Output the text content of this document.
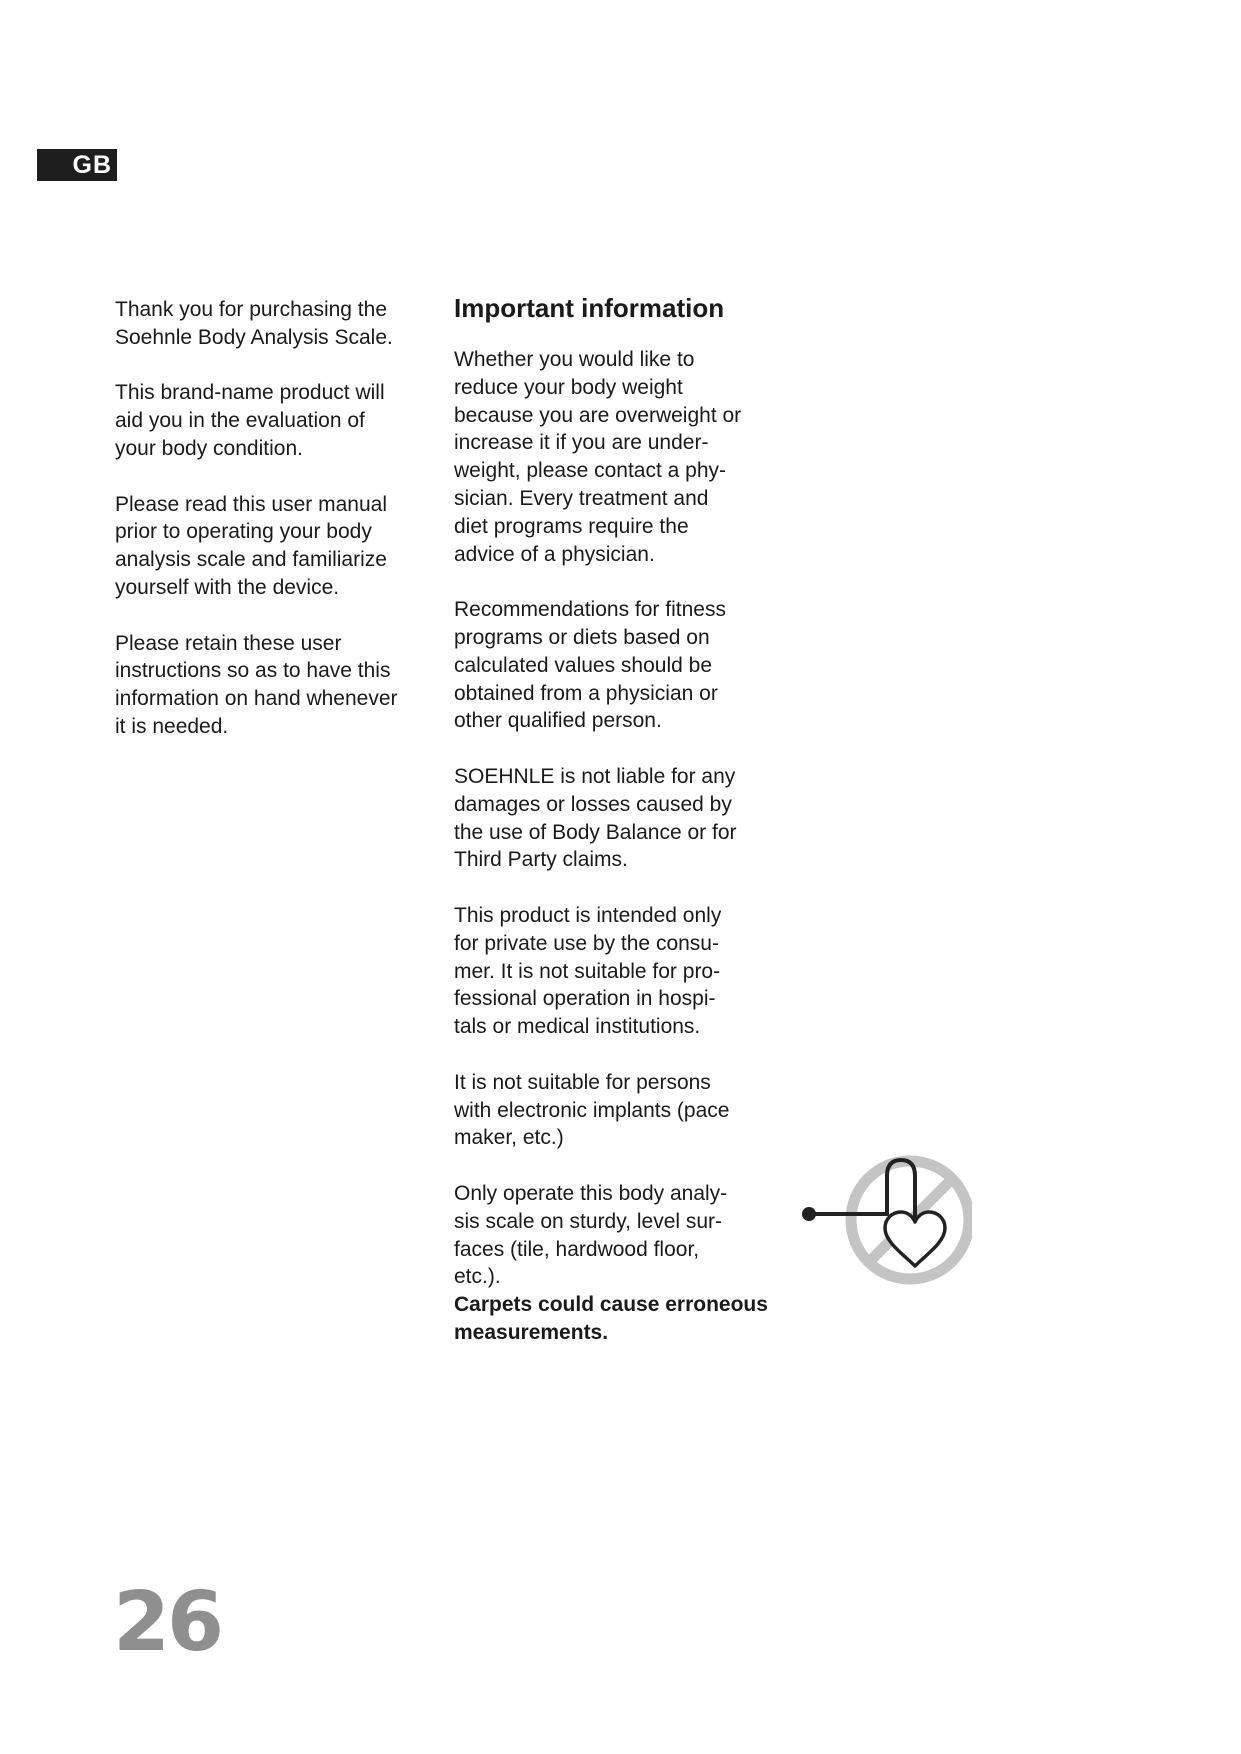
GB

Thank you for purchasing the
Soehnle Body Analysis Scale.

This brand-name product will
aid you in the evaluation of
your body condition.

Please read this user manual
prior to operating your body
analysis scale and familiarize
yourself with the device.

Please retain these user
instructions so as to have this
information on hand whenever
it is needed.

Important information

Whether you would like to
reduce your body weight
because you are overweight or
increase it if you are under-
weight, please contact a phy-
sician. Every treatment and
diet programs require the
advice of a physician.

Recommendations for fitness
programs or diets based on
calculated values should be
obtained from a physician or
other qualified person.

SOEHNLE is not liable for any
damages or losses caused by
the use of Body Balance or for
Third Party claims.

This product is intended only
for private use by the consu-
mer. It is not suitable for pro-
fessional operation in hospi-
tals or medical institutions.

It is not suitable for persons
with electronic implants (pace
maker, etc.)

Only operate this body analy-
sis scale on sturdy, level sur-
faces (tile, hardwood floor,
etc.).

Carpets could cause erroneous
measurements.

26
